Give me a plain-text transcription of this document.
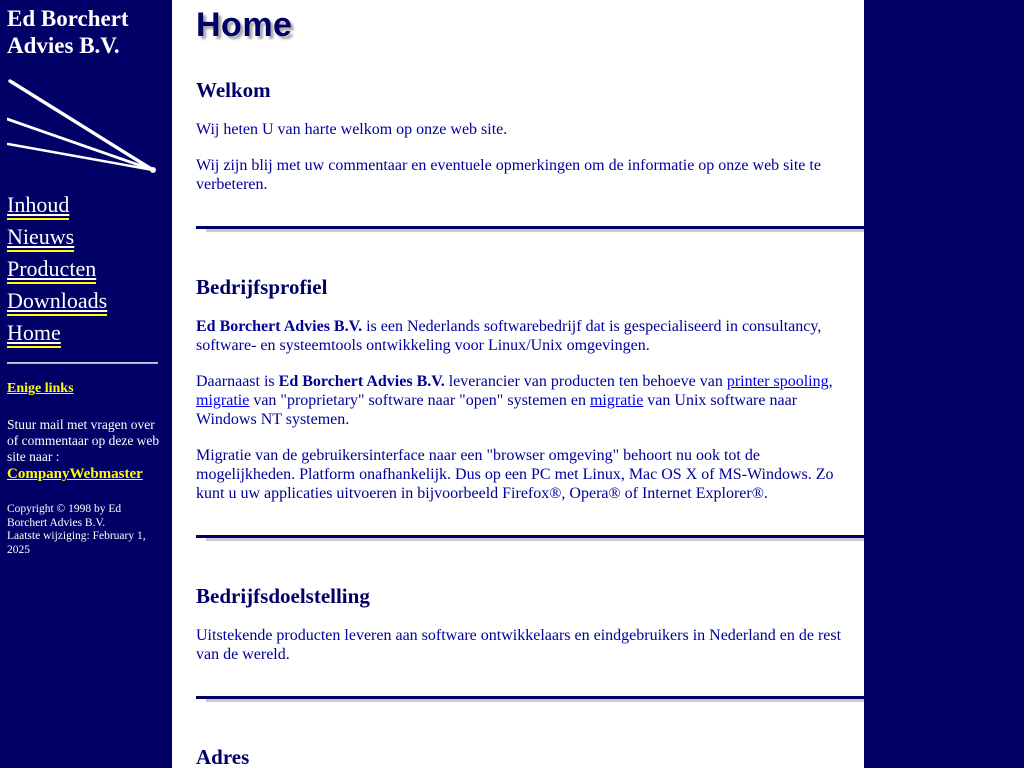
Ed Borchert
Advies B.V.
Inhoud
Nieuws
Producten
Downloads
Home
Enige links

Stuur mail met vragen over of commentaar op deze web site naar :

CompanyWebmaster
Copyright © 1998 by Ed Borchert Advies B.V.
Laatste wijziging: February 1, 2025
Home
Welkom

Wij heten U van harte welkom op onze web site.

Wij zijn blij met uw commentaar en eventuele opmerkingen om de informatie op onze web site te verbeteren.

Bedrijfsprofiel

Ed Borchert Advies B.V. is een Nederlands softwarebedrijf dat is gespecialiseerd in consultancy, software- en systeemtools ontwikkeling voor Linux/Unix omgevingen.

Daarnaast is Ed Borchert Advies B.V. leverancier van producten ten behoeve van printer spooling, migratie van "proprietary" software naar "open" systemen en migratie van Unix software naar Windows NT systemen.

Migratie van de gebruikersinterface naar een "browser omgeving" behoort nu ook tot de mogelijkheden. Platform onafhankelijk. Dus op een PC met Linux, Mac OS X of MS-Windows. Zo kunt u uw applicaties uitvoeren in bijvoorbeeld Firefox®, Opera® of Internet Explorer®.

Bedrijfsdoelstelling

Uitstekende producten leveren aan software ontwikkelaars en eindgebruikers in Nederland en de rest van de wereld.

Adres
